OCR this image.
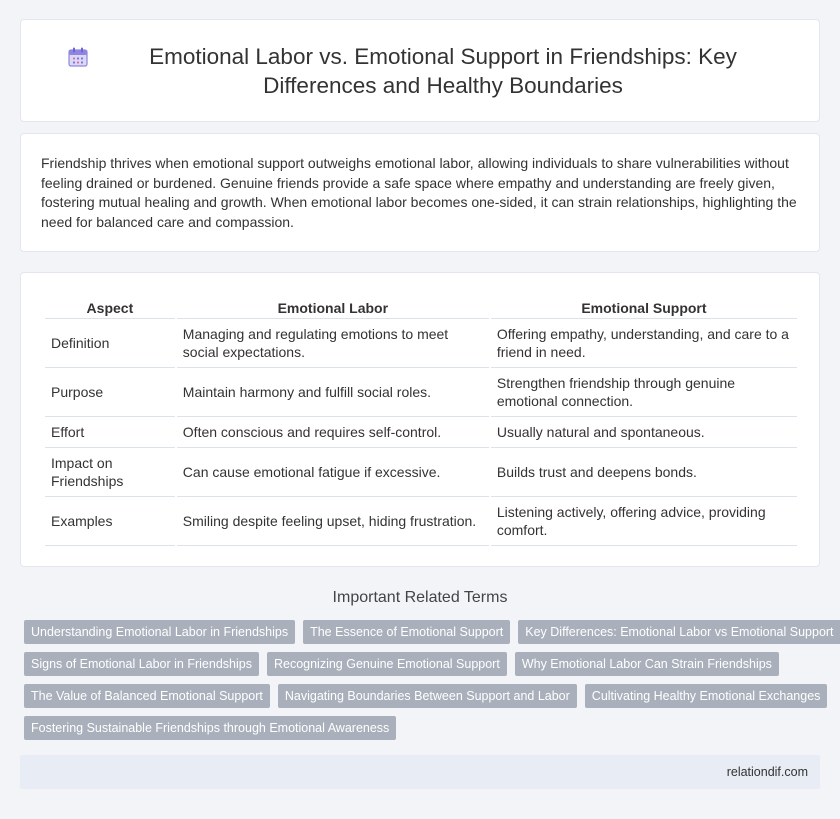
Emotional Labor vs. Emotional Support in Friendships: Key Differences and Healthy Boundaries

Friendship thrives when emotional support outweighs emotional labor, allowing individuals to share vulnerabilities without feeling drained or burdened. Genuine friends provide a safe space where empathy and understanding are freely given, fostering mutual healing and growth. When emotional labor becomes one-sided, it can strain relationships, highlighting the need for balanced care and compassion.

Aspect	Emotional Labor	Emotional Support
Definition	Managing and regulating emotions to meet social expectations.	Offering empathy, understanding, and care to a friend in need.
Purpose	Maintain harmony and fulfill social roles.	Strengthen friendship through genuine emotional connection.
Effort	Often conscious and requires self-control.	Usually natural and spontaneous.
Impact on Friendships	Can cause emotional fatigue if excessive.	Builds trust and deepens bonds.
Examples	Smiling despite feeling upset, hiding frustration.	Listening actively, offering advice, providing comfort.
Important Related Terms
Understanding Emotional Labor in Friendships	The Essence of Emotional Support	Key Differences: Emotional Labor vs Emotional Support
Signs of Emotional Labor in Friendships	Recognizing Genuine Emotional Support	Why Emotional Labor Can Strain Friendships
The Value of Balanced Emotional Support	Navigating Boundaries Between Support and Labor	Cultivating Healthy Emotional Exchanges
Fostering Sustainable Friendships through Emotional Awareness
relationdif.com
